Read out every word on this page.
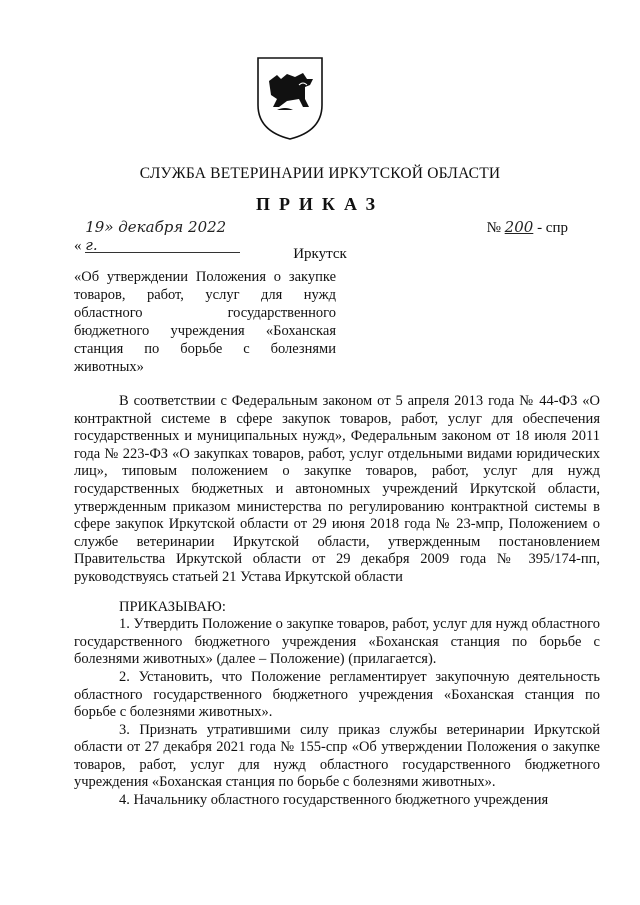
СЛУЖБА ВЕТЕРИНАРИИ ИРКУТСКОЙ ОБЛАСТИ
ПРИКАЗ
« 19» декабря 2022 г.
№ 200 - спр
Иркутск
«Об утверждении Положения о закупке
товаров, работ, услуг для нужд
областного государственного
бюджетного учреждения «Боханская
станция по борьбе с болезнями
животных»

В соответствии с Федеральным законом от 5 апреля 2013 года № 44-ФЗ «О контрактной системе в сфере закупок товаров, работ, услуг для обеспечения государственных и муниципальных нужд», Федеральным законом от 18 июля 2011 года № 223-ФЗ «О закупках товаров, работ, услуг отдельными видами юридических лиц», типовым положением о закупке товаров, работ, услуг для нужд государственных бюджетных и автономных учреждений Иркутской области, утвержденным приказом министерства по регулированию контрактной системы в сфере закупок Иркутской области от 29 июня 2018 года № 23-мпр, Положением о службе ветеринарии Иркутской области, утвержденным постановлением Правительства Иркутской области от 29 декабря 2009 года № 395/174-пп, руководствуясь статьей 21 Устава Иркутской области

ПРИКАЗЫВАЮ:

1. Утвердить Положение о закупке товаров, работ, услуг для нужд областного государственного бюджетного учреждения «Боханская станция по борьбе с болезнями животных» (далее – Положение) (прилагается).

2. Установить, что Положение регламентирует закупочную деятельность областного государственного бюджетного учреждения «Боханская станция по борьбе с болезнями животных».

3. Признать утратившими силу приказ службы ветеринарии Иркутской области от 27 декабря 2021 года № 155-спр «Об утверждении Положения о закупке товаров, работ, услуг для нужд областного государственного бюджетного учреждения «Боханская станция по борьбе с болезнями животных».

4. Начальнику областного государственного бюджетного учреждения
